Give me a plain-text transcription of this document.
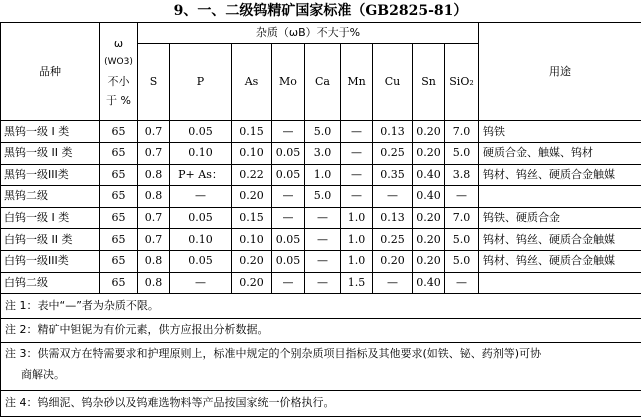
9、一、二级钨精矿国家标准（GB2825-81）
品种	ω
(WO3)
不小
于 %	杂质（ωB）不大于%									用途
		S	P	As	Mo	Ca	Mn	Cu	Sn	SiO₂	
黑钨一级 I 类	65	0.7	0.05	0.15	—	5.0	—	0.13	0.20	7.0	钨铁
黑钨一级 II 类	65	0.7	0.10	0.10	0.05	3.0	—	0.25	0.20	5.0	硬质合金、触媒、钨材
黑钨一级III类	65	0.8	P+ As：	0.22	0.05	1.0	—	0.35	0.40	3.8	钨材、钨丝、硬质合金触媒
黑钨二级	65	0.8	—	0.20	—	5.0	—	—	0.40	—	
白钨一级 I 类	65	0.7	0.05	0.15	—	—	1.0	0.13	0.20	7.0	钨铁、硬质合金
白钨一级 II 类	65	0.7	0.10	0.10	0.05	—	1.0	0.25	0.20	5.0	钨材、钨丝、硬质合金触媒
白钨一级III类	65	0.8	0.05	0.20	0.05	—	1.0	0.20	0.20	5.0	钨材、钨丝、硬质合金触媒
白钨二级	65	0.8	—	0.20	—	—	1.5	—	0.40	—	
注 1：表中“—”者为杂质不限。											
注 2：精矿中钽铌为有价元素，供方应报出分析数据。											

注 3：供需双方在特需要求和护理原则上，标准中规定的个别杂质项目指标及其他要求(如铁、铋、药剂等)可协
商解决。											

注 4：钨细泥、钨杂砂以及钨难选物料等产品按国家统一价格执行。											
